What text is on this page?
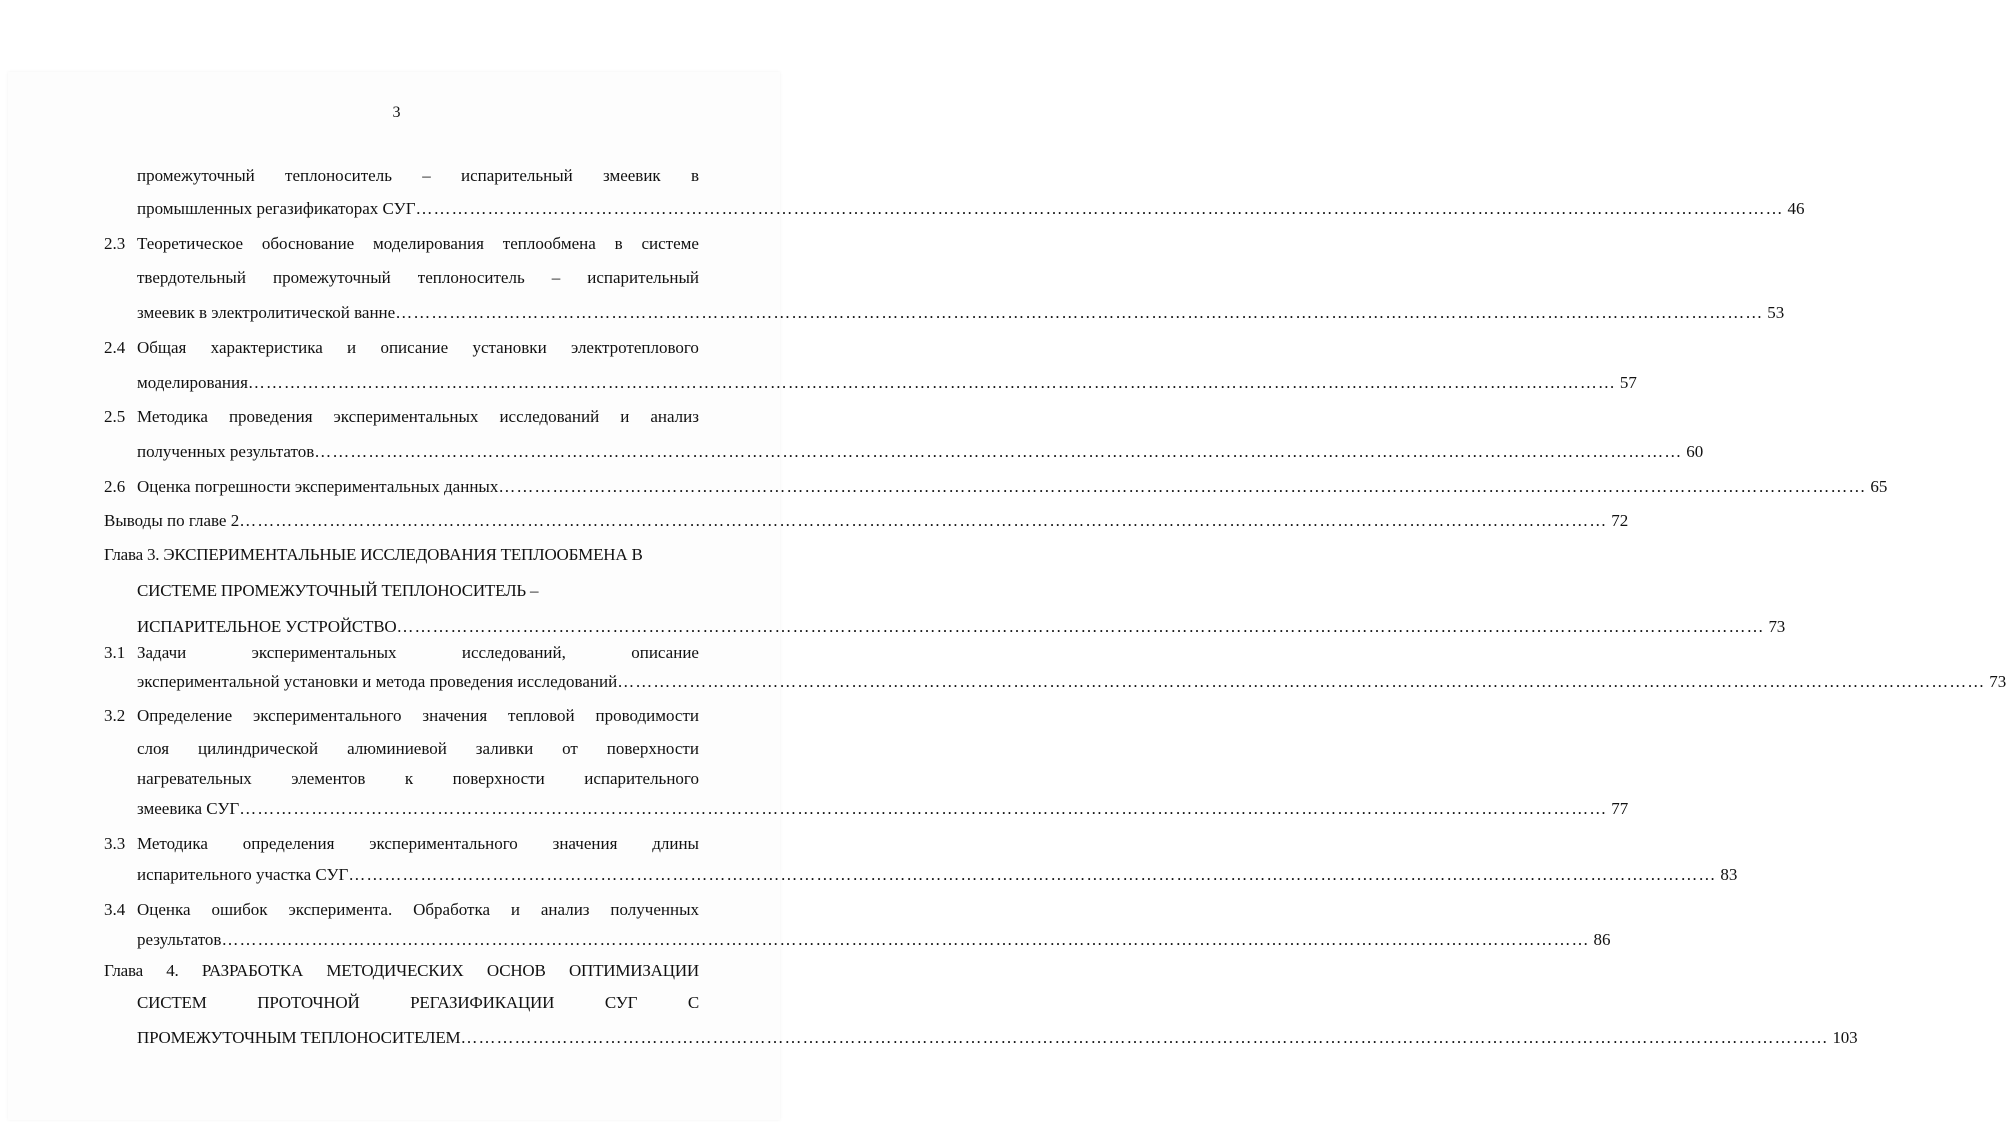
3
промежуточный теплоноситель – испарительный змеевик в
промышленных регазификаторах СУГ ………………………………………………………………………………………………………………………………………………………………………………………………………… 46
2.3 Теоретическое обоснование моделирования теплообмена в системе
твердотельный промежуточный теплоноситель – испарительный
змеевик в электролитической ванне ………………………………………………………………………………………………………………………………………………………………………………………………………… 53
2.4 Общая характеристика и описание установки электротеплового
моделирования ………………………………………………………………………………………………………………………………………………………………………………………………………… 57
2.5 Методика проведения экспериментальных исследований и анализ
полученных результатов ………………………………………………………………………………………………………………………………………………………………………………………………………… 60
2.6 Оценка погрешности экспериментальных данных ………………………………………………………………………………………………………………………………………………………………………………………………………… 65
Выводы по главе 2 ………………………………………………………………………………………………………………………………………………………………………………………………………… 72
Глава 3. ЭКСПЕРИМЕНТАЛЬНЫЕ ИССЛЕДОВАНИЯ ТЕПЛООБМЕНА В
СИСТЕМЕ ПРОМЕЖУТОЧНЫЙ ТЕПЛОНОСИТЕЛЬ –
ИСПАРИТЕЛЬНОЕ УСТРОЙСТВО ………………………………………………………………………………………………………………………………………………………………………………………………………… 73
3.1 Задачи	экспериментальных	исследований,	описание
экспериментальной установки и метода проведения исследований ………………………………………………………………………………………………………………………………………………………………………………………………………… 73
3.2 Определение экспериментального значения тепловой проводимости
слоя цилиндрической алюминиевой заливки от поверхности
нагревательных элементов к поверхности испарительного
змеевика СУГ ………………………………………………………………………………………………………………………………………………………………………………………………………… 77
3.3 Методика определения экспериментального значения длины
испарительного участка СУГ ………………………………………………………………………………………………………………………………………………………………………………………………………… 83
3.4 Оценка ошибок эксперимента. Обработка и анализ полученных
результатов ………………………………………………………………………………………………………………………………………………………………………………………………………… 86
Глава 4. РАЗРАБОТКА МЕТОДИЧЕСКИХ ОСНОВ ОПТИМИЗАЦИИ
СИСТЕМ	ПРОТОЧНОЙ	РЕГАЗИФИКАЦИИ	СУГ	С
ПРОМЕЖУТОЧНЫМ ТЕПЛОНОСИТЕЛЕМ ………………………………………………………………………………………………………………………………………………………………………………………………………… 103
